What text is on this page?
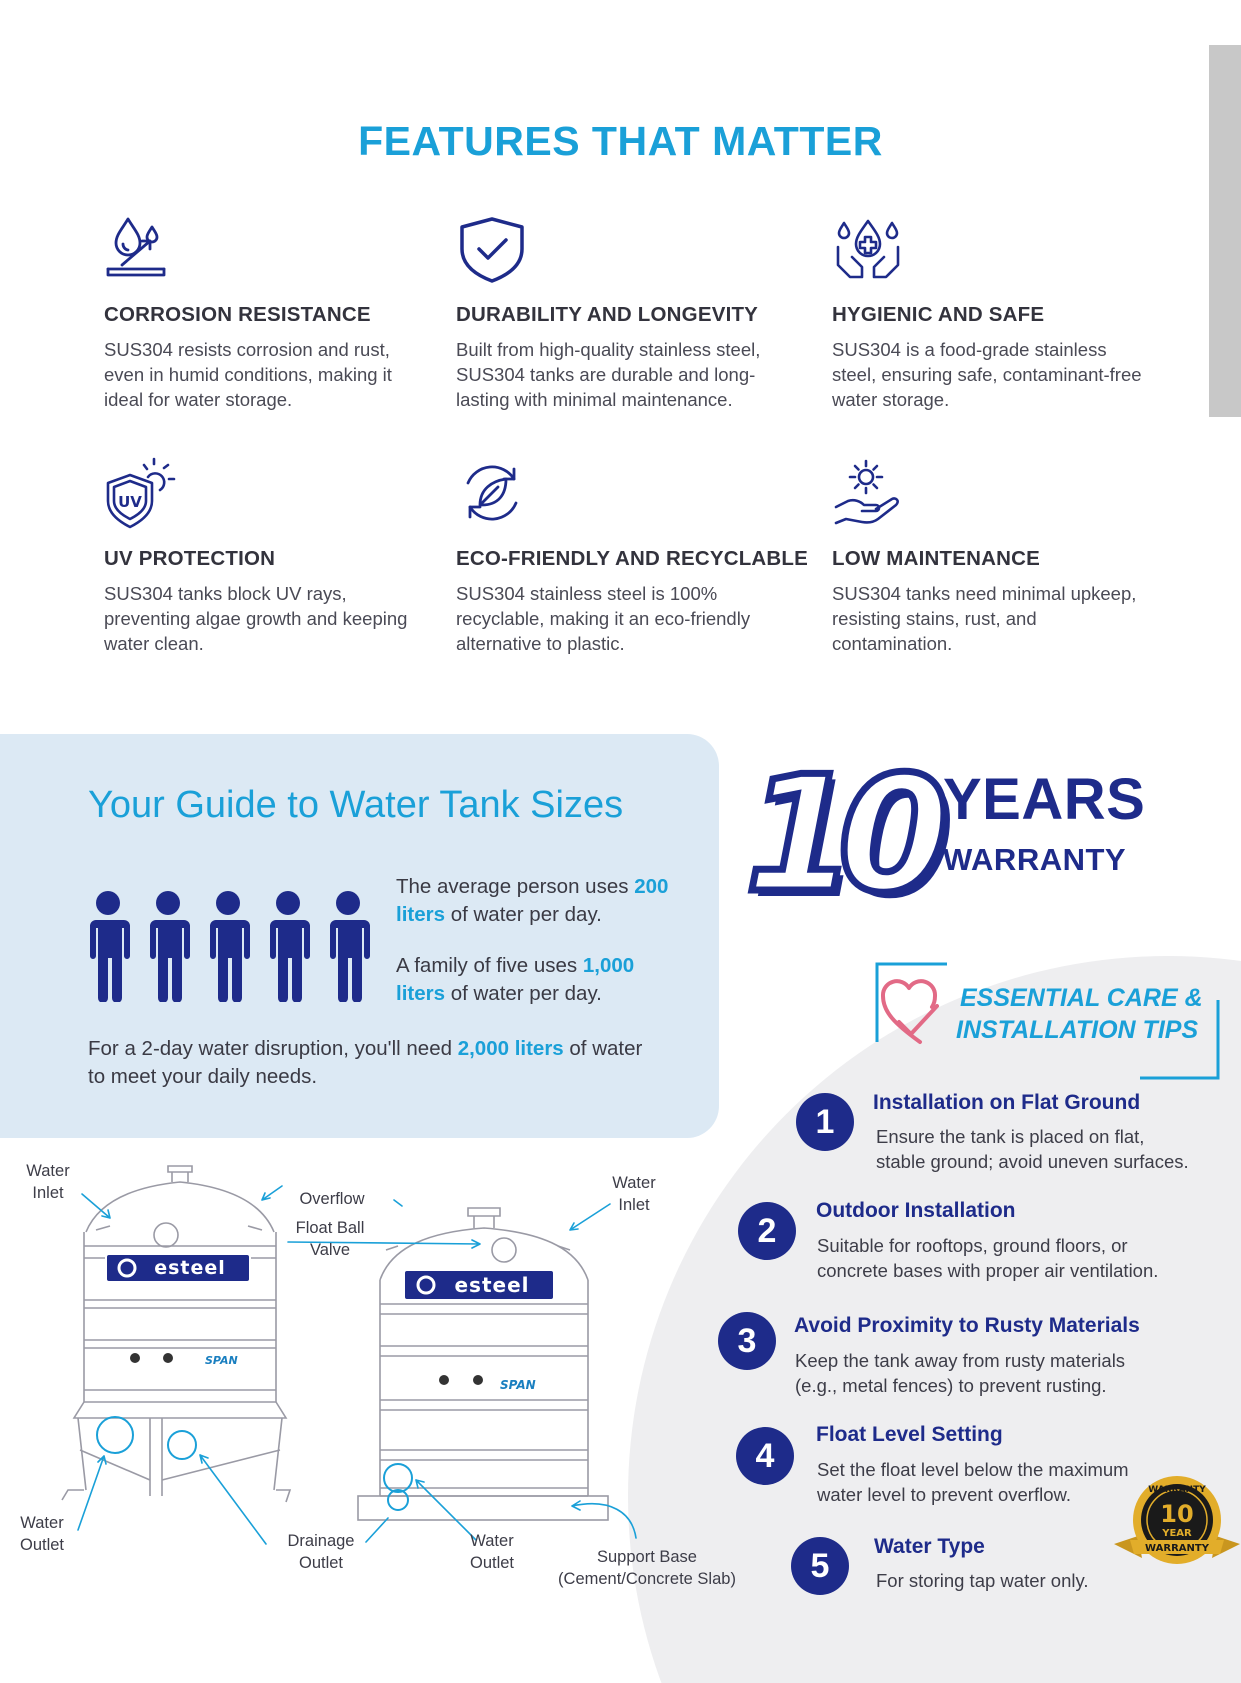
FEATURES THAT MATTER
CORROSION RESISTANCE
SUS304 resists corrosion and rust, even in humid conditions, making it ideal for water storage.
DURABILITY AND LONGEVITY
Built from high-quality stainless steel, SUS304 tanks are durable and long-lasting with minimal maintenance.
HYGIENIC AND SAFE
SUS304 is a food-grade stainless steel, ensuring safe, contaminant-free water storage.
UV
UV PROTECTION
SUS304 tanks block UV rays, preventing algae growth and keeping water clean.
ECO-FRIENDLY AND RECYCLABLE
SUS304 stainless steel is 100% recyclable, making it an eco-friendly alternative to plastic.
LOW MAINTENANCE
SUS304 tanks need minimal upkeep, resisting stains, rust, and contamination.
Your Guide to Water Tank Sizes
The average person uses 200
liters of water per day.
A family of five uses 1,000
liters of water per day.
For a 2-day water disruption, you'll need 2,000 liters of water
to meet your daily needs.
10 YEARS
WARRANTY
ESSENTIAL CARE &
INSTALLATION TIPS
1
Installation on Flat Ground
Ensure the tank is placed on flat,
stable ground; avoid uneven surfaces.
2
Outdoor Installation
Suitable for rooftops, ground floors, or
concrete bases with proper air ventilation.
3	Avoid Proximity to Rusty Materials
Keep the tank away from rusty materials
(e.g., metal fences) to prevent rusting.
4
Float Level Setting
Set the float level below the maximum
water level to prevent overflow.
5
Water Type
For storing tap water only.
WARRANTY
10
YEAR
WARRANTY
esteel
esteel
SPAN
SPAN
Water
Inlet	Overflow
Float Ball
Valve
Water
Inlet
Water
Outlet	Drainage
Outlet
Water
Outlet	Support Base
(Cement/Concrete Slab)
